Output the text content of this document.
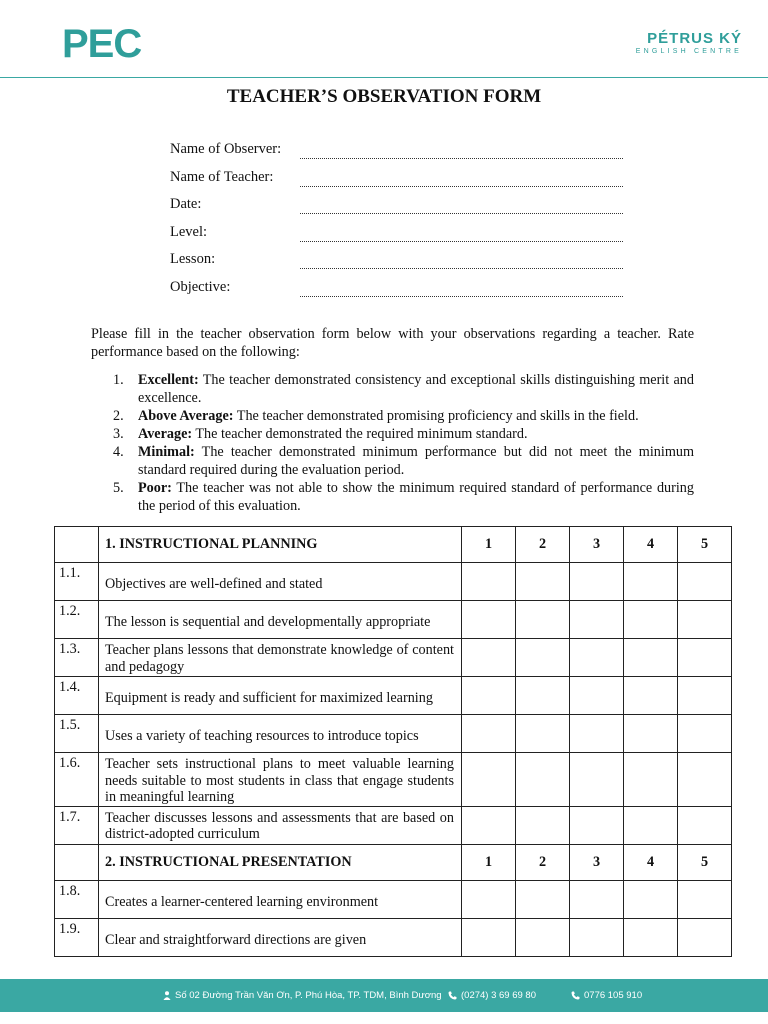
PEC	PÉTRUS KÝ
ENGLISH CENTRE
TEACHER’S OBSERVATION FORM
Name of Observer:
Name of Teacher:
Date:
Level:
Lesson:
Objective:
Please fill in the teacher observation form below with your observations regarding a teacher. Rate performance based on the following:
1.	Excellent: The teacher demonstrated consistency and exceptional skills distinguishing merit and excellence.
2.	Above Average: The teacher demonstrated promising proficiency and skills in the field.
3.	Average: The teacher demonstrated the required minimum standard.
4.	Minimal: The teacher demonstrated minimum performance but did not meet the minimum standard required during the evaluation period.
5.	Poor: The teacher was not able to show the minimum required standard of performance during the period of this evaluation.
	1. INSTRUCTIONAL PLANNING	1	2	3	4	5
1.1.	Objectives are well-defined and stated					
1.2.	The lesson is sequential and developmentally appropriate					
1.3.	Teacher plans lessons that demonstrate knowledge of content and pedagogy					
1.4.	Equipment is ready and sufficient for maximized learning					
1.5.	Uses a variety of teaching resources to introduce topics					
1.6.	Teacher sets instructional plans to meet valuable learning needs suitable to most students in class that engage students in meaningful learning					
1.7.	Teacher discusses lessons and assessments that are based on district-adopted curriculum					
	2. INSTRUCTIONAL PRESENTATION	1	2	3	4	5
1.8.	Creates a learner-centered learning environment					
1.9.	Clear and straightforward directions are given					
Số 02 Đường Trần Văn Ơn, P. Phú Hòa, TP. TDM, Bình Dương (0274) 3 69 69 80	0776 105 910
